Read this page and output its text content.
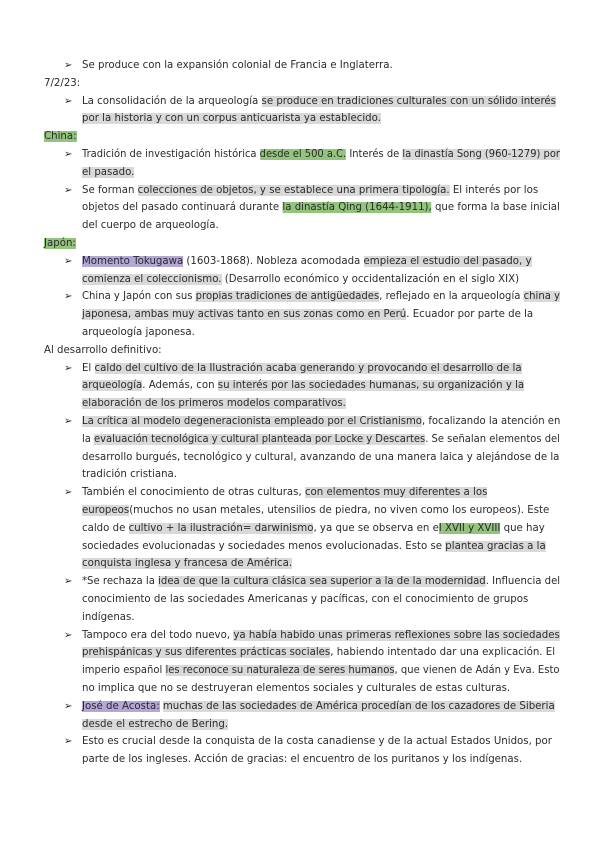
➢ Se produce con la expansión colonial de Francia e Inglaterra.
7/2/23:
➢ La consolidación de la arqueología se produce en tradiciones culturales con un sólido interés
por la historia y con un corpus anticuarista ya establecido.
China:
➢ Tradición de investigación histórica desde el 500 a.C. Interés de la dinastía Song (960-1279) por
el pasado.
➢ Se forman colecciones de objetos, y se establece una primera tipología. El interés por los
objetos del pasado continuará durante la dinastía Qing (1644-1911), que forma la base inicial
del cuerpo de arqueología.
Japón:
➢ Momento Tokugawa (1603-1868). Nobleza acomodada empieza el estudio del pasado, y
comienza el coleccionismo. (Desarrollo económico y occidentalización en el siglo XIX)
➢ China y Japón con sus propias tradiciones de antigüedades, reflejado en la arqueología china y
japonesa, ambas muy activas tanto en sus zonas como en Perú. Ecuador por parte de la
arqueología japonesa.
Al desarrollo definitivo:
➢ El caldo del cultivo de la Ilustración acaba generando y provocando el desarrollo de la
arqueología. Además, con su interés por las sociedades humanas, su organización y la
elaboración de los primeros modelos comparativos.
➢ La crítica al modelo degeneracionista empleado por el Cristianismo, focalizando la atención en
la evaluación tecnológica y cultural planteada por Locke y Descartes. Se señalan elementos del
desarrollo burgués, tecnológico y cultural, avanzando de una manera laica y alejándose de la
tradición cristiana.
➢ También el conocimiento de otras culturas, con elementos muy diferentes a los
europeos(muchos no usan metales, utensilios de piedra, no viven como los europeos). Este
caldo de cultivo + la ilustración= darwinismo, ya que se observa en el XVII y XVIII que hay
sociedades evolucionadas y sociedades menos evolucionadas. Esto se plantea gracias a la
conquista inglesa y francesa de América.
➢ *Se rechaza la idea de que la cultura clásica sea superior a la de la modernidad. Influencia del
conocimiento de las sociedades Americanas y pacíficas, con el conocimiento de grupos
indígenas.
➢ Tampoco era del todo nuevo, ya había habido unas primeras reflexiones sobre las sociedades
prehispánicas y sus diferentes prácticas sociales, habiendo intentado dar una explicación. El
imperio español les reconoce su naturaleza de seres humanos, que vienen de Adán y Eva. Esto
no implica que no se destruyeran elementos sociales y culturales de estas culturas.
➢ José de Acosta: muchas de las sociedades de América procedían de los cazadores de Siberia
desde el estrecho de Bering.
➢ Esto es crucial desde la conquista de la costa canadiense y de la actual Estados Unidos, por
parte de los ingleses. Acción de gracias: el encuentro de los puritanos y los indígenas.
